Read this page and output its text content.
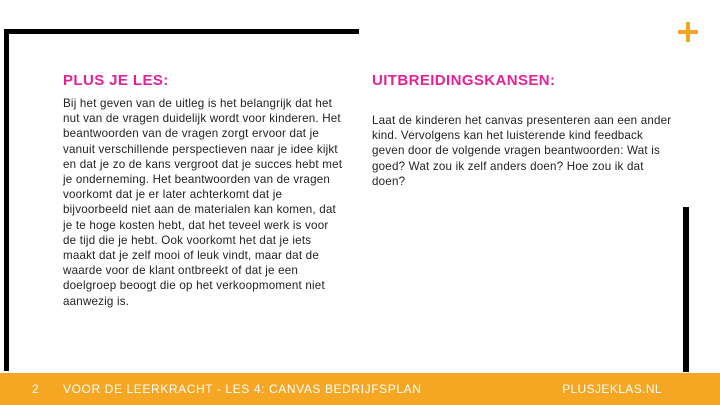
PLUS JE LES:

Bij het geven van de uitleg is het belangrijk dat het nut van de vragen duidelijk wordt voor kinderen. Het beantwoorden van de vragen zorgt ervoor dat je vanuit verschillende perspectieven naar je idee kijkt en dat je zo de kans vergroot dat je succes hebt met je onderneming. Het beantwoorden van de vragen voorkomt dat je er later achterkomt dat je bijvoorbeeld niet aan de materialen kan komen, dat je te hoge kosten hebt, dat het teveel werk is voor de tijd die je hebt. Ook voorkomt het dat je iets maakt dat je zelf mooi of leuk vindt, maar dat de waarde voor de klant ontbreekt of dat je een doelgroep beoogt die op het verkoopmoment niet aanwezig is.

UITBREIDINGSKANSEN:

Laat de kinderen het canvas presenteren aan een ander kind. Vervolgens kan het luisterende kind feedback geven door de volgende vragen beantwoorden: Wat is goed? Wat zou ik zelf anders doen? Hoe zou ik dat doen?

2 VOOR DE LEERKRACHT - LES 4: CANVAS BEDRIJFSPLAN	PLUSJEKLAS.NL
